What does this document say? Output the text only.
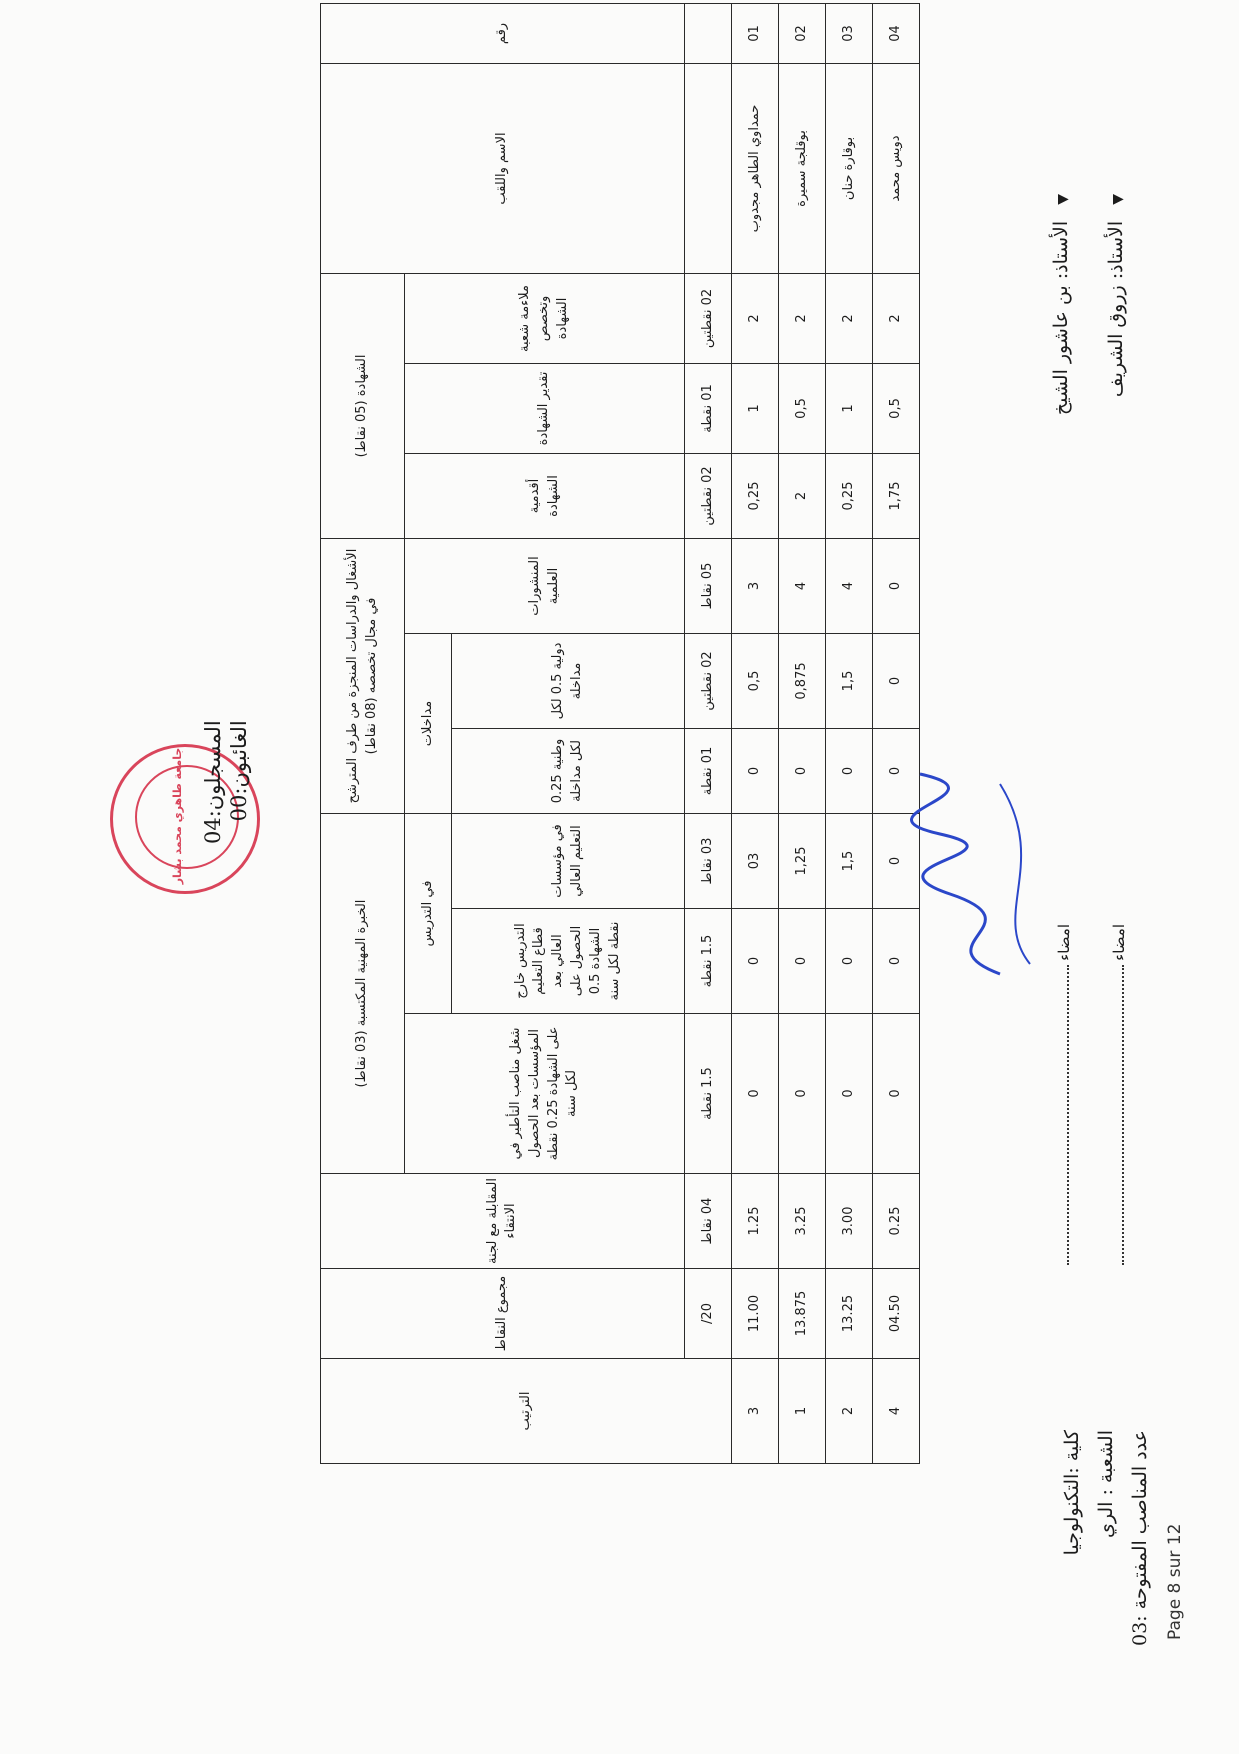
Page 8 sur 12
كلية :التكنولوجيا الشعبة : الري
عدد المناصب المفتوحة :03
جامعة طاهري محمد بشار المسجلون:04 الغائبون:00
رقم	الاسم واللقب	الشهادة (05 نقاط)			الأشغال والدراسات المنجزة من طرف المترشح في مجال تخصصه (08 نقاط)			الخبرة المهنية المكتسبة (03 نقاط)			المقابلة مع لجنة الانتقاء	مجموع النقاط	الترتيب
		ملاءمة شعبة وتخصص الشهادة	تقدير الشهادة	أقدمية الشهادة	المنشورات العلمية	مداخلات		في التدريس		شغل مناصب التأطير في المؤسسات بعد الحصول على الشهادة 0.25 نقطة لكل سنة			
						دولية 0.5 لكل مداخلة	وطنية 0.25 لكل مداخلة	في مؤسسات التعليم العالي	التدريس خارج قطاع التعليم العالي بعد الحصول على الشهادة 0.5 نقطة لكل سنة				
		02 نقطتين	01 نقطة	02 نقطتين	05 نقاط	02 نقطتين	01 نقطة	03 نقاط	1.5 نقطة	1.5 نقطة	04 نقاط	20/	
01	حمداوي الطاهر مجدوب	2	1	0,25	3	0,5	0	03	0	0	1.25	11.00	3
02	بوقلجة سميرة	2	0,5	2	4	0,875	0	1,25	0	0	3.25	13.875	1
03	بوقارة حنان	2	1	0,25	4	1,5	0	1,5	0	0	3.00	13.25	2
04	دويس محمد	2	0,5	1,75	0	0	0	0	0	0	0.25	04.50	4
▼ الأستاذ: بن عاشور الشيخ
امضاء
▼ الأستاذ: زروق الشريف
امضاء
